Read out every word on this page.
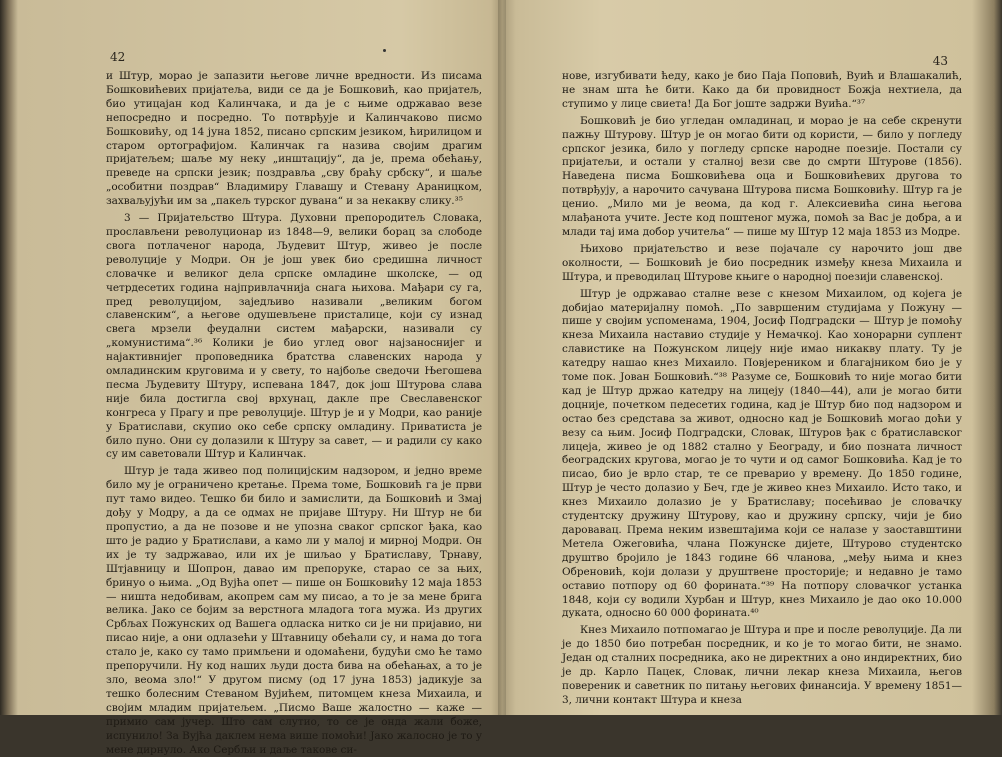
42

и Штур, морао је запазити његове личне вредности. Из писама Бошковићевих пријатеља, види се да је Бошковић, као пријатељ, био утицајан код Калинчака, и да је с њиме одржавао везе непосредно и посредно. То потврђује и Калинчаково писмо Бошковићу, од 14 јуна 1852, писано српским језиком, ћирилицом и старом ортографијом. Калинчак га назива својим драгим пријатељем; шаље му неку „инштацију“, да је, према обећању, преведе на српски језик; поздравља „сву браћу србску“, и шаље „особитни поздрав“ Владимиру Главашу и Стевану Араницком, захваљујући им за „пакељ турског дувана“ и за некакву слику.³⁵

3 — Пријатељство Штура. Духовни препородитељ Словака, прослављени револуционар из 1848—9, велики борац за слободе свога потлаченог народа, Људевит Штур, живео је после револуције у Модри. Он је још увек био средишна личност словачке и великог дела српске омладине школске, — од четрдесетих година најпривлачнија снага њихова. Мађари су га, пред револуцијом, заједљиво називали „великим богом славенским“, а његове одушевљене присталице, који су изнад свега мрзели феудални систем мађарски, називали су „комунистима“.³⁶ Колики је био углед овог најзаноснијег и најактивнијег проповедника братства славенских народа у омладинским круговима и у свету, то најбоље сведочи Његошева песма Људевиту Штуру, испевана 1847, док још Штурова слава није била достигла свој врхунац, дакле пре Свеславенског конгреса у Прагу и пре револуције. Штур је и у Модри, као раније у Братислави, скупио око себе српску омладину. Приватиста је било пуно. Они су долазили к Штуру за савет, — и радили су како су им саветовали Штур и Калинчак.

Штур је тада живео под полицијским надзором, и једно време било му је ограничено кретање. Према томе, Бошковић га је први пут тамо видео. Тешко би било и замислити, да Бошковић и Змај дођу у Модру, а да се одмах не пријаве Штуру. Ни Штур не би пропустио, а да не позове и не упозна сваког српског ђака, као што је радио у Братислави, а камо ли у малој и мирној Модри. Он их је ту задржавао, или их је шиљао у Братиславу, Трнаву, Штјавницу и Шопрон, давао им препоруке, старао се за њих, бринуо о њима. „Од Вујћа опет — пише он Бошковићу 12 маја 1853 — ништа недобивам, акопрем сам му писао, а то је за мене брига велика. Јако се бојим за верстнога младога тога мужа. Из других Србљах Пожунских од Вашега одласка нитко си је ни пријавио, ни писао није, а они одлазећи у Штавницу обећали су, и нама до тога стало је, како су тамо примљени и одомаћени, будући смо ће тамо препоручили. Ну код наших људи доста бива на обећањах, а то је зло, веома зло!“ У другом писму (од 17 јуна 1853) јадикује за тешко болесним Стеваном Вујићем, питомцем кнеза Михаила, и својим младим пријатељем. „Писмо Ваше жалостно — каже — примио сам јучер. Што сам слутио, то се је онда жали боже, испунило! За Вујћа даклем нема више помоћи! Јако жалосно је то у мене дирнуло. Ако Сербљи и даље такове си-

43

нове, изгубивати ћеду, како је био Паја Поповић, Вуић и Влашакалић, не знам шта ће бити. Како да би провидност Божја нехтиела, да ступимо у лице свиета! Да Бог јоште задржи Вуића.“³⁷

Бошковић је био угледан омладинац, и морао је на себе скренути пажњу Штурову. Штур је он могао бити од користи, — било у погледу српског језика, било у погледу српске народне поезије. Постали су пријатељи, и остали у сталној вези све до смрти Штурове (1856). Наведена писма Бошковићева оца и Бошковићевих другова то потврђују, а нарочито сачувана Штурова писма Бошковићу. Штур га је ценио. „Мило ми је веома, да код г. Алексиевића сина његова млађанота учите. Јесте код поштеног мужа, помоћ за Вас је добра, а и млади тај има добор учитеља“ — пише му Штур 12 маја 1853 из Модре.

Њихово пријатељство и везе појачале су нарочито још две околности, — Бошковић је био посредник између кнеза Михаила и Штура, и преводилац Штурове књиге о народној поезији славенској.

Штур је одржавао сталне везе с кнезом Михаилом, од којега је добијао материјалну помоћ. „По завршеним студијама у Пожуну — пише у својим успоменама, 1904, Јосиф Подградски — Штур је помоћу кнеза Михаила наставио студије у Немачкој. Као хонорарни суплент славистике на Пожунском лицеју није имао никакву плату. Ту је катедру нашао кнез Михаило. Повјереником и благајником био је у томе пок. Јован Бошковић.“³⁸ Разуме се, Бошковић то није могао бити кад је Штур држао катедру на лицеју (1840—44), али је могао бити доцније, почетком педесетих година, кад је Штур био под надзором и остао без средстава за живот, односно кад је Бошковић могао доћи у везу са њим. Јосиф Подградски, Словак, Штуров ђак с братиславског лицеја, живео је од 1882 стално у Београду, и био позната личност београдских кругова, могао је то чути и од самог Бошковића. Кад је то писао, био је врло стар, те се преварио у времену. До 1850 године, Штур је често долазио у Беч, где је живео кнез Михаило. Исто тако, и кнез Михаило долазио је у Братиславу; посећивао је словачку студентску дружину Штурову, као и дружину српску, чији је био даровавац. Према неким извештајима који се налазе у заоставштини Метела Ожеговића, члана Пожунске дијете, Штурово студентско друштво бројило је 1843 године 66 чланова, „међу њима и кнез Обреновић, који долази у друштвене просторије; и недавно је тамо оставио потпору од 60 форината.“³⁹ На потпору словачког устанка 1848, који су водили Хурбан и Штур, кнез Михаило је дао око 10.000 дуката, односно 60 000 форината.⁴⁰

Кнез Михаило потпомагао је Штура и пре и после револуције. Да ли је до 1850 био потребан посредник, и ко је то могао бити, не знамо. Један од сталних посредника, ако не директних а оно индиректних, био је др. Карло Пацек, Словак, лични лекар кнеза Михаила, његов повереник и саветник по питању његових финансија. У времену 1851—3, лични контакт Штура и кнеза
